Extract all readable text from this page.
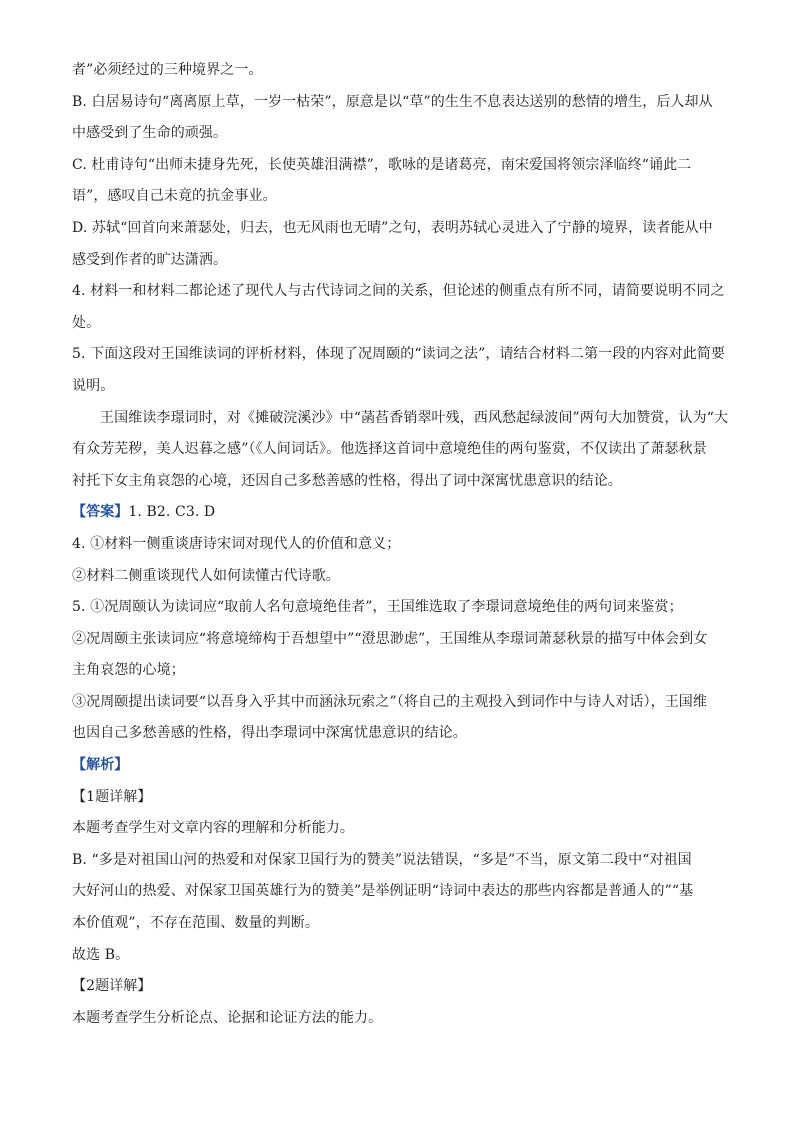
者”必须经过的三种境界之一。
B. 白居易诗句“离离原上草，一岁一枯荣”，原意是以“草”的生生不息表达送别的愁情的增生，后人却从
中感受到了生命的顽强。
C. 杜甫诗句“出师未捷身先死，长使英雄泪满襟”，歌咏的是诸葛亮，南宋爱国将领宗泽临终“诵此二
语”，感叹自己未竟的抗金事业。
D. 苏轼“回首向来萧瑟处，归去，也无风雨也无晴”之句，表明苏轼心灵进入了宁静的境界，读者能从中
感受到作者的旷达潇洒。
4. 材料一和材料二都论述了现代人与古代诗词之间的关系，但论述的侧重点有所不同，请简要说明不同之
处。
5. 下面这段对王国维读词的评析材料，体现了况周颐的“读词之法”，请结合材料二第一段的内容对此简要
说明。
王国维读李璟词时，对《摊破浣溪沙》中“菡萏香销翠叶残，西风愁起绿波间”两句大加赞赏，认为“大
有众芳芜秽，美人迟暮之感”（《人间词话》。他选择这首词中意境绝佳的两句鉴赏，不仅读出了萧瑟秋景
衬托下女主角哀怨的心境，还因自己多愁善感的性格，得出了词中深寓忧患意识的结论。
【答案】1. B2. C3. D
4. ①材料一侧重谈唐诗宋词对现代人的价值和意义；
②材料二侧重谈现代人如何读懂古代诗歌。
5. ①况周颐认为读词应“取前人名句意境绝佳者”，王国维选取了李璟词意境绝佳的两句词来鉴赏；
②况周颐主张读词应“将意境缔构于吾想望中”“澄思渺虑”，王国维从李璟词萧瑟秋景的描写中体会到女
主角哀怨的心境；
③况周颐提出读词要“以吾身入乎其中而涵泳玩索之”（将自己的主观投入到词作中与诗人对话），王国维
也因自己多愁善感的性格，得出李璟词中深寓忧患意识的结论。
【解析】
【1题详解】
本题考查学生对文章内容的理解和分析能力。
B. “多是对祖国山河的热爱和对保家卫国行为的赞美”说法错误，“多是”不当，原文第二段中“对祖国
大好河山的热爱、对保家卫国英雄行为的赞美”是举例证明“诗词中表达的那些内容都是普通人的”“基
本价值观”，不存在范围、数量的判断。
故选 B。
【2题详解】
本题考查学生分析论点、论据和论证方法的能力。
